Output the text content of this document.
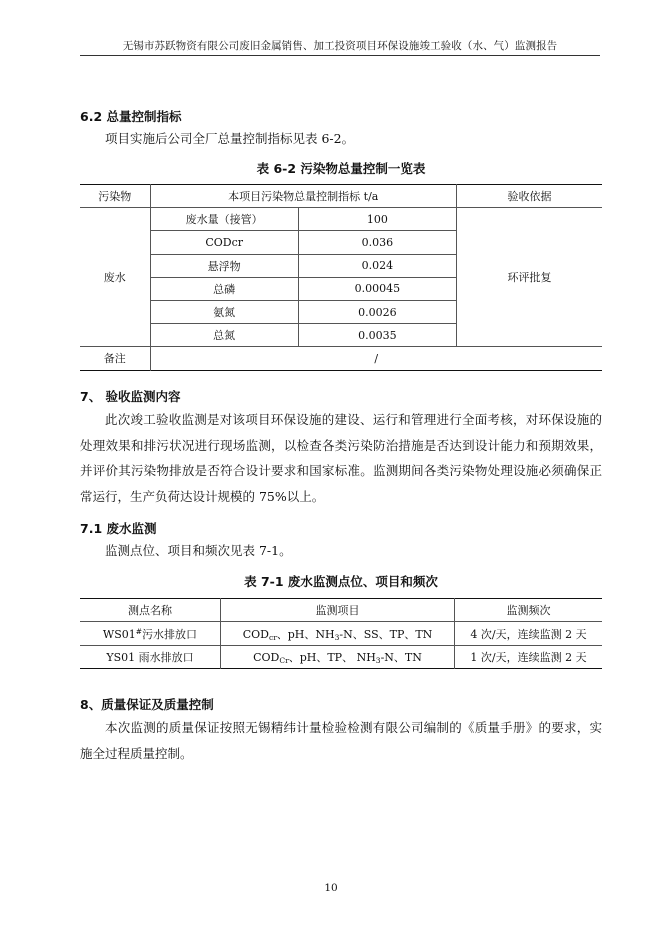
无锡市苏跃物资有限公司废旧金属销售、加工投资项目环保设施竣工验收（水、气）监测报告
6.2 总量控制指标
项目实施后公司全厂总量控制指标见表 6-2。
表 6-2 污染物总量控制一览表
污染物	本项目污染物总量控制指标 t/a		验收依据
废水	废水量（接管）	100	环评批复
	CODcr	0.036	
	悬浮物	0.024	
	总磷	0.00045	
	氨氮	0.0026	
	总氮	0.0035	
备注	/		
7、 验收监测内容
此次竣工验收监测是对该项目环保设施的建设、运行和管理进行全面考核，对环保设施的处理效果和排污状况进行现场监测，以检查各类污染防治措施是否达到设计能力和预期效果，并评价其污染物排放是否符合设计要求和国家标准。监测期间各类污染物处理设施必须确保正常运行，生产负荷达设计规模的 75%以上。
7.1 废水监测
监测点位、项目和频次见表 7-1。
表 7-1 废水监测点位、项目和频次
测点名称	监测项目	监测频次
WS01#污水排放口	$COD_{cr}$、pH、$NH_3-N$、SS、TP、TN	4 次/天，连续监测 2 天
YS01 雨水排放口	$COD_{Cr}$、pH、TP、 $NH_3-N$、TN	1 次/天，连续监测 2 天
8、质量保证及质量控制
本次监测的质量保证按照无锡精纬计量检验检测有限公司编制的《质量手册》的要求，实施全过程质量控制。
10
